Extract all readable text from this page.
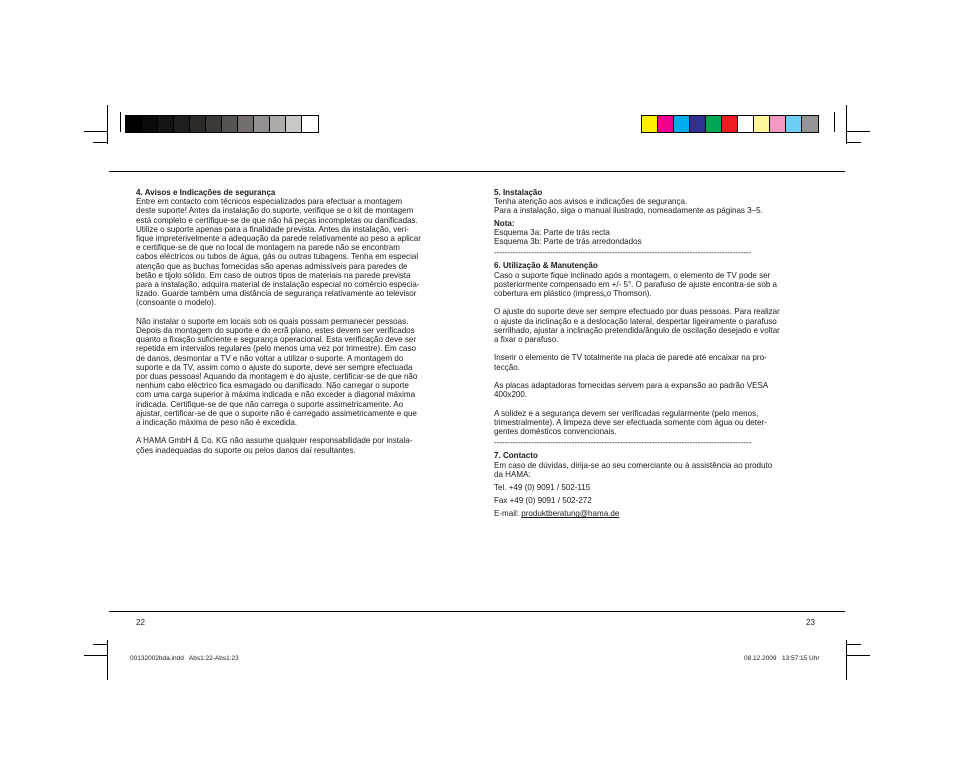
4. Avisos e Indicações de segurança

Entre em contacto com técnicos especializados para efectuar a montagem

deste suporte! Antes da instalação do suporte, verifique se o kit de montagem

está completo e certifique-se de que não há peças incompletas ou danificadas.

Utilize o suporte apenas para a finalidade prevista. Antes da instalação, veri-

fique impreterivelmente a adequação da parede relativamente ao peso a aplicar

e certifique-se de que no local de montagem na parede não se encontram

cabos eléctricos ou tubos de água, gás ou outras tubagens. Tenha em especial

atenção que as buchas fornecidas são apenas admissíveis para paredes de

betão e tijolo sólido. Em caso de outros tipos de materiais na parede prevista

para a instalação, adquira material de instalação especial no comércio especia-

lizado. Guarde também uma distância de segurança relativamente ao televisor

(consoante o modelo).

Não instalar o suporte em locais sob os quais possam permanecer pessoas.

Depois da montagem do suporte e do ecrã plano, estes devem ser verificados

quanto a fixação suficiente e segurança operacional. Esta verificação deve ser

repetida em intervalos regulares (pelo menos uma vez por trimestre). Em caso

de danos, desmontar a TV e não voltar a utilizar o suporte. A montagem do

suporte e da TV, assim como o ajuste do suporte, deve ser sempre efectuada

por duas pessoas! Aquando da montagem e do ajuste, certificar-se de que não

nenhum cabo eléctrico fica esmagado ou danificado. Não carregar o suporte

com uma carga superior à máxima indicada e não exceder a diagonal máxima

indicada. Certifique-se de que não carrega o suporte assimetricamente. Ao

ajustar, certificar-se de que o suporte não é carregado assimetricamente e que

a indicação máxima de peso não é excedida.

A HAMA GmbH & Co. KG não assume qualquer responsabilidade por instala-

ções inadequadas do suporte ou pelos danos daí resultantes.

5. Instalação

Tenha atenção aos avisos e indicações de segurança.

Para a instalação, siga o manual ilustrado, nomeadamente as páginas 3–5.

Nota:

Esquema 3a: Parte de trás recta

Esquema 3b: Parte de trás arredondados

------------------------------------------------------------------------------------------------

6. Utilização & Manutenção

Caso o suporte fique inclinado após a montagem, o elemento de TV pode ser

posteriormente compensado em +/- 5°. O parafuso de ajuste encontra-se sob a

cobertura em plástico (impress„o Thomson).

O ajuste do suporte deve ser sempre efectuado por duas pessoas. Para realizar

o ajuste da inclinação e a deslocação lateral, despertar ligeiramente o parafuso

serrilhado, ajustar a inclinação pretendida/ângulo de oscilação desejado e voltar

a fixar o parafuso.

Inserir o elemento de TV totalmente na placa de parede até encaixar na pro-

tecção.

As placas adaptadoras fornecidas servem para a expansão ao padrão VESA

400x200.

A solidez e a segurança devem ser verificadas regularmente (pelo menos,

trimestralmente). A limpeza deve ser efectuada somente com água ou deter-

gentes domésticos convencionais.

------------------------------------------------------------------------------------------------

7. Contacto

Em caso de dúvidas, dirija-se ao seu comerciante ou à assistência ao produto

da HAMA:

Tel. +49 (0) 9091 / 502-115

Fax +49 (0) 9091 / 502-272

E-mail: produktberatung@hama.de

22	23
00132002bda.indd   Abs1:22-Abs1:23	08.12.2009   13:57:15 Uhr
